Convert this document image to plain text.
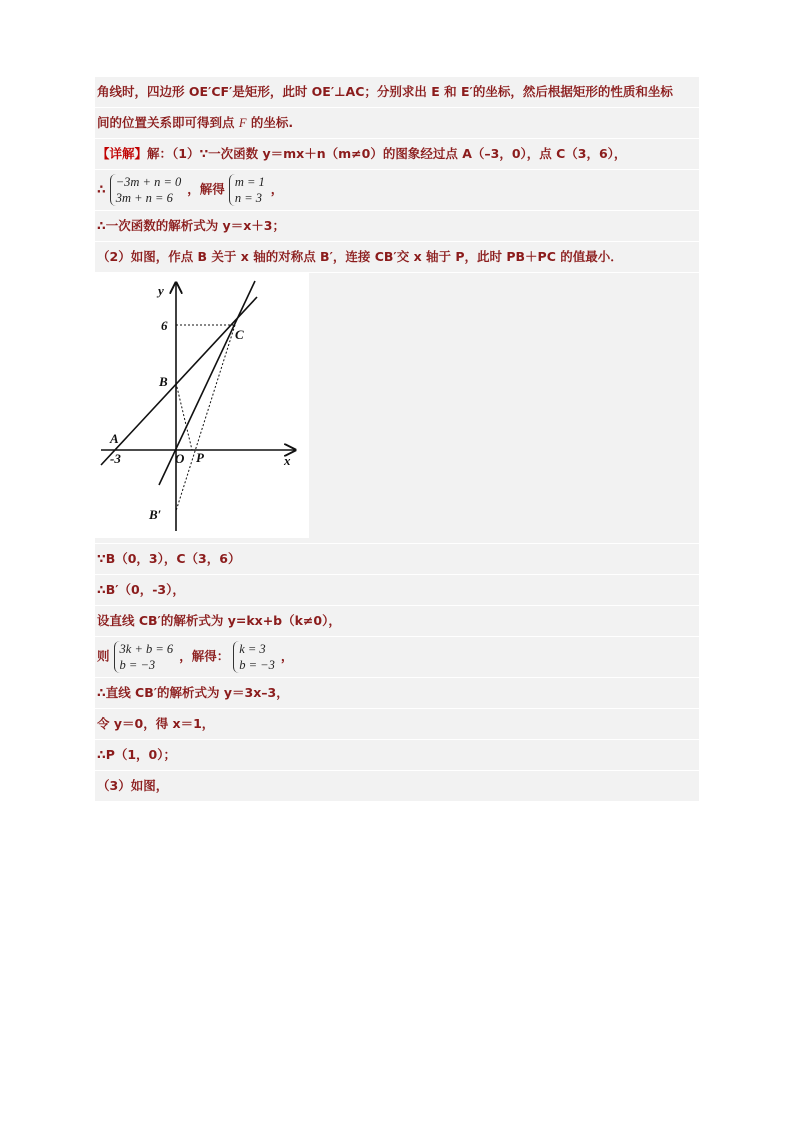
角线时，四边形 OE′CF′是矩形，此时 OE′⊥AC；分别求出 E 和 E′的坐标，然后根据矩形的性质和坐标
间的位置关系即可得到点 F 的坐标.
【详解】解：（1）∵一次函数 y＝mx＋n（m≠0）的图象经过点 A（–3，0），点 C（3，6），
∴ −3m + n = 0
3m + n = 6
，解得 m = 1
n = 3
，
∴一次函数的解析式为 y＝x＋3；
（2）如图，作点 B 关于 x 轴的对称点 B′，连接 CB′交 x 轴于 P，此时 PB＋PC 的值最小．
y
x
6
C
B
A
-3	O P
B′
∵B（0，3），C（3，6）
∴B′（0，-3），
设直线 CB′的解析式为 y=kx+b（k≠0），
则 3k + b = 6
b = −3
，解得： k = 3
b = −3
，
∴直线 CB′的解析式为 y＝3x–3，
令 y＝0，得 x＝1，
∴P（1，0）；
（3）如图，
